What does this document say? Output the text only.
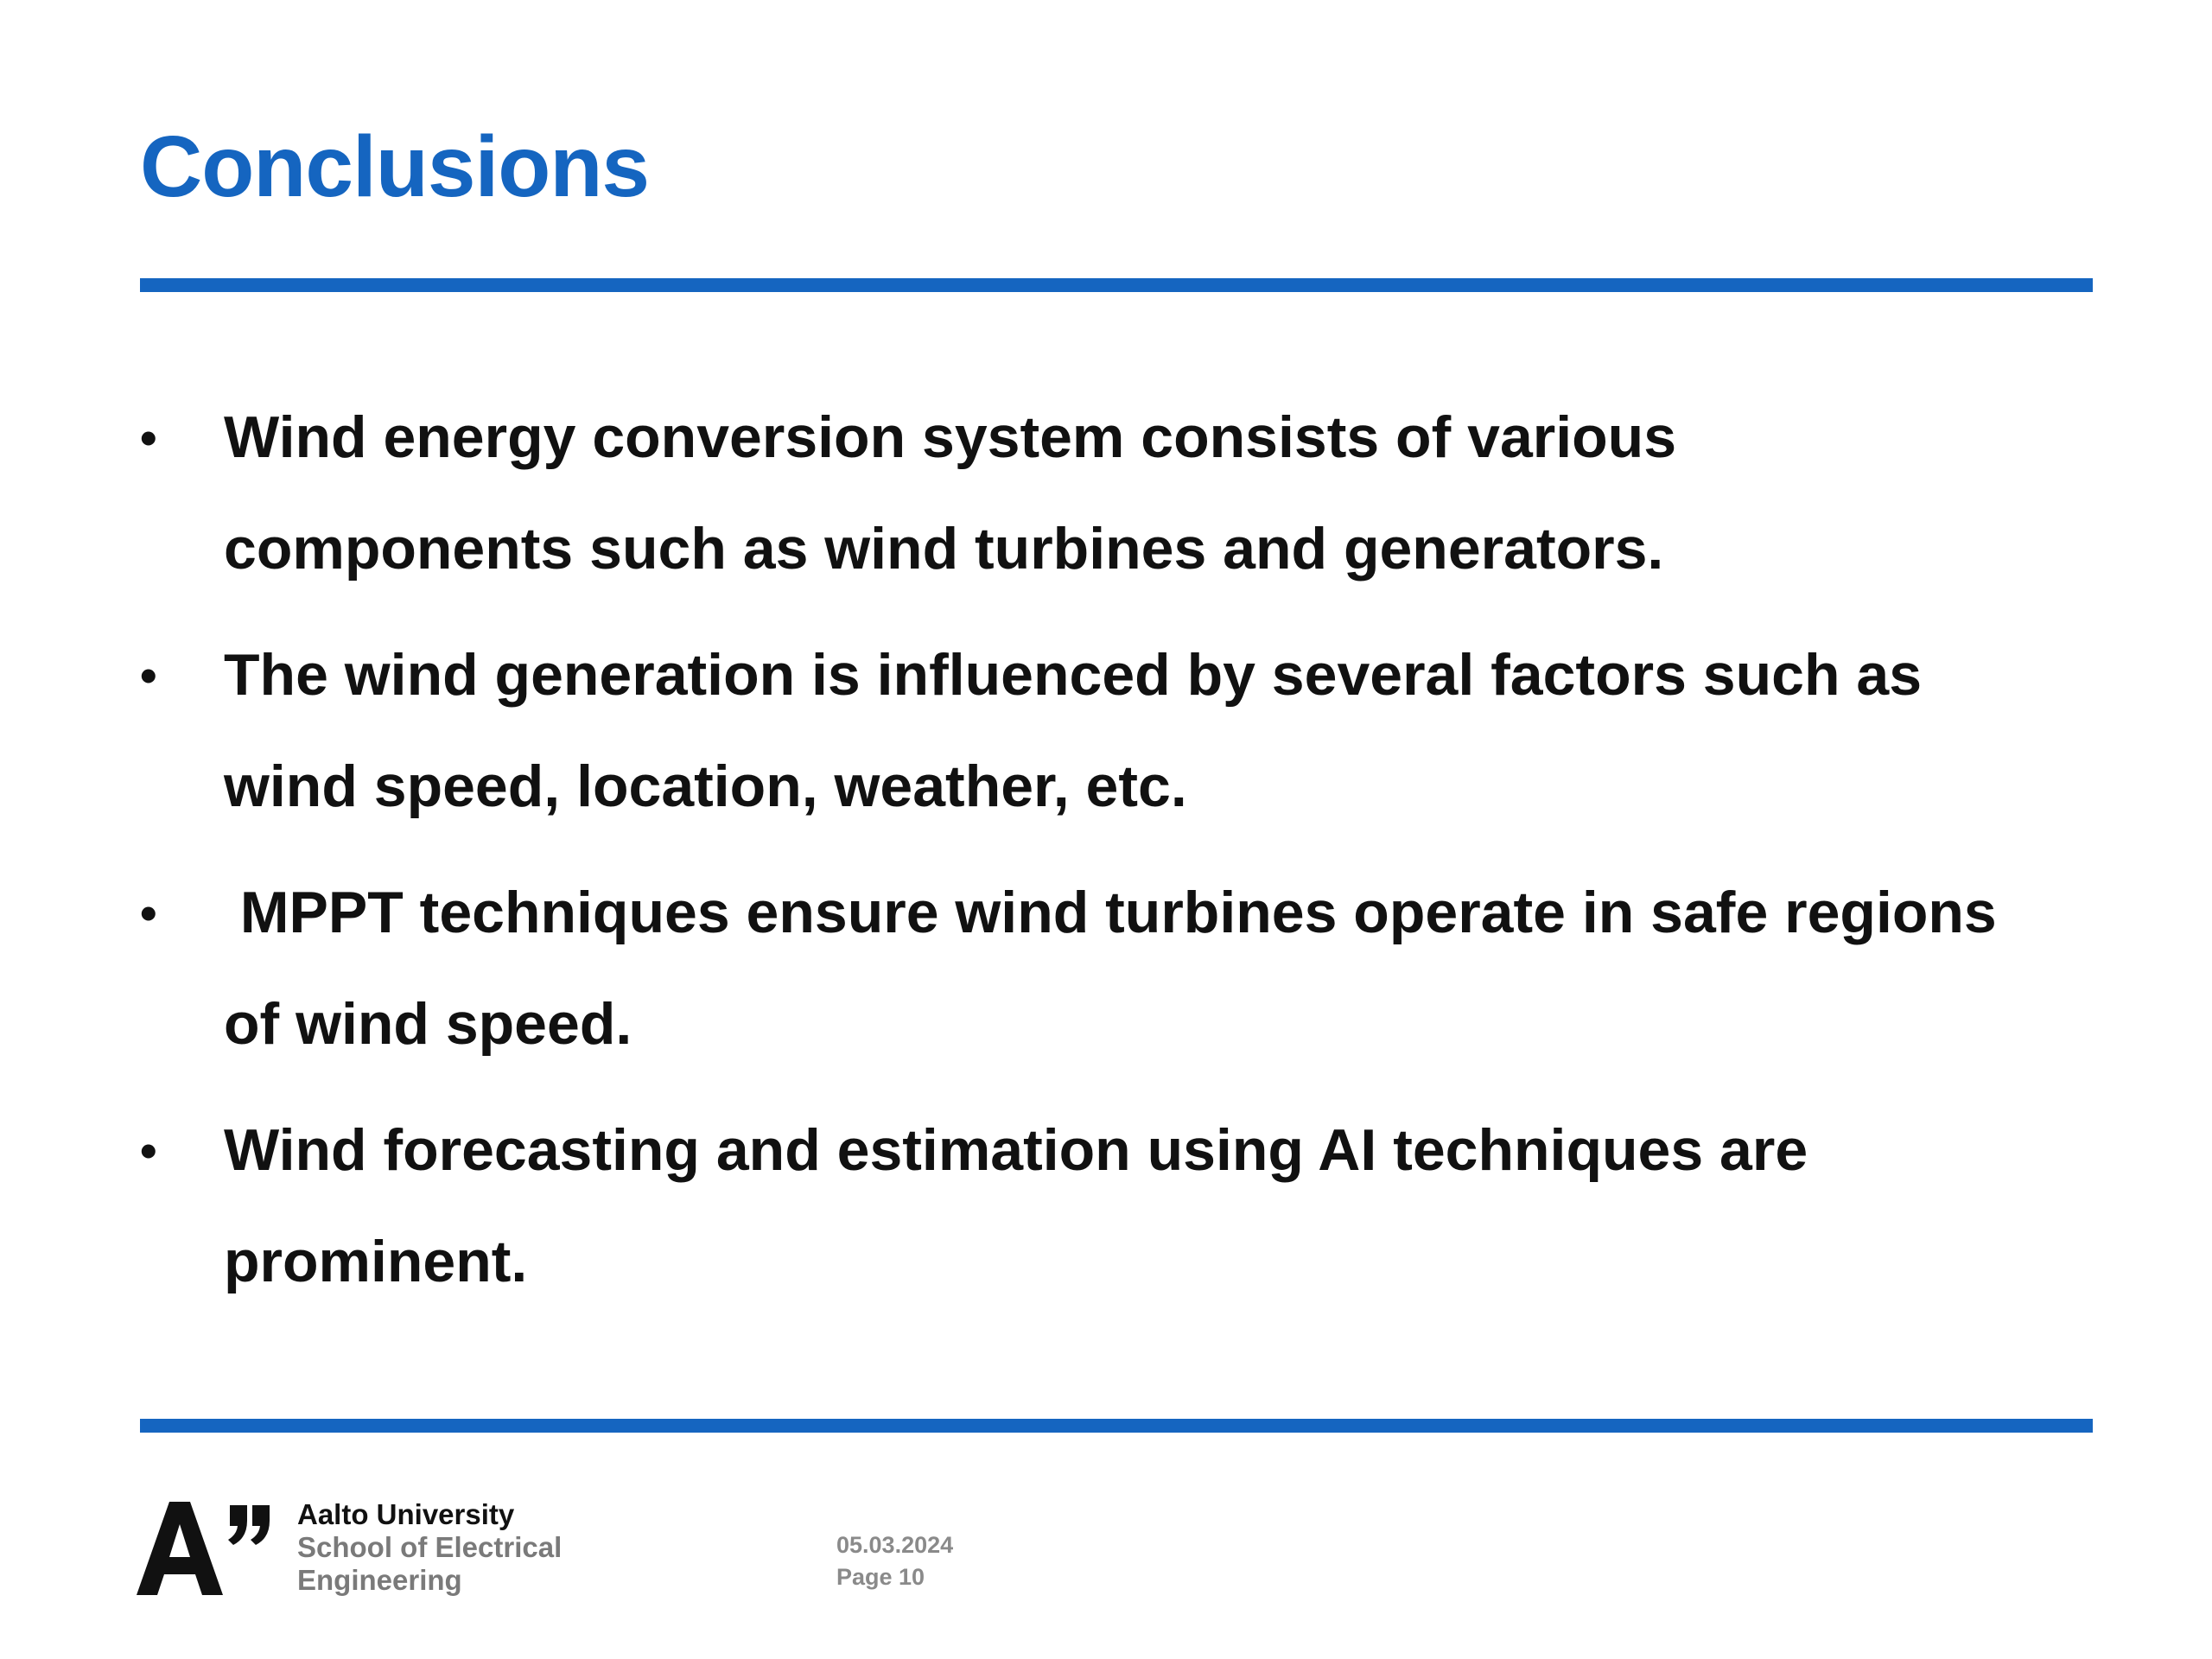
Conclusions
• Wind energy conversion system consists of various
components such as wind turbines and generators.
• The wind generation is influenced by several factors such as
wind speed, location, weather, etc.
• MPPT techniques ensure wind turbines operate in safe regions
of wind speed.
• Wind forecasting and estimation using AI techniques are
prominent.
Aalto University
School of Electrical
Engineering
05.03.2024
Page 10
